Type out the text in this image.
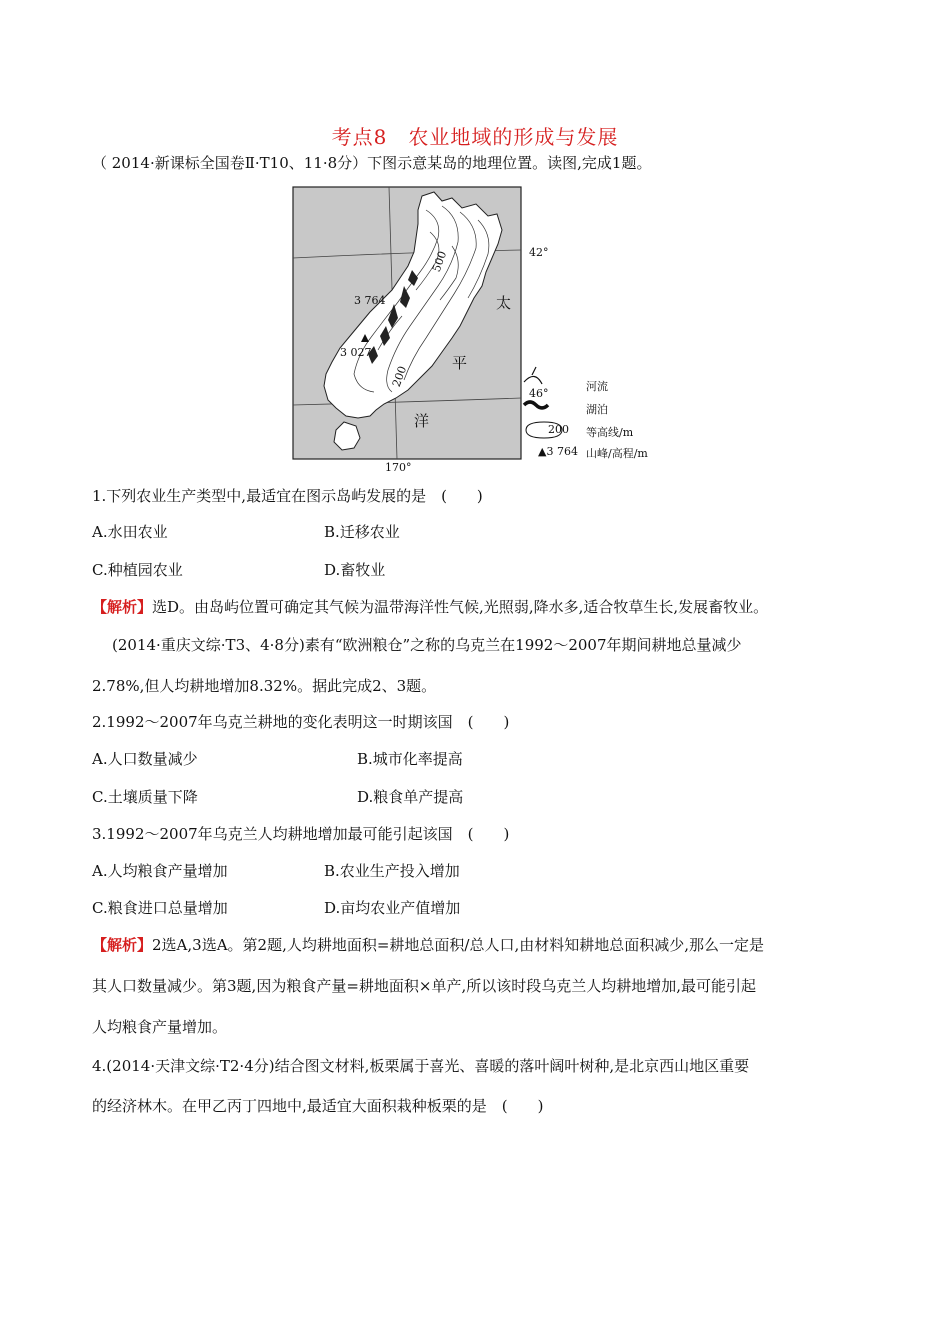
考点8　农业地域的形成与发展
（ 2014·新课标全国卷Ⅱ·T10、11·8分）下图示意某岛的地理位置。读图,完成1题。
42°
46°
170°
3 764
3 027
500
200
太
平
洋
河流
湖泊
200 等高线/m
▲3 764 山峰/高程/m
1.下列农业生产类型中,最适宜在图示岛屿发展的是　(　　)
A.水田农业	B.迁移农业
C.种植园农业	D.畜牧业
【解析】选D。由岛屿位置可确定其气候为温带海洋性气候,光照弱,降水多,适合牧草生长,发展畜牧业。
(2014·重庆文综·T3、4·8分)素有“欧洲粮仓”之称的乌克兰在1992～2007年期间耕地总量减少
2.78%,但人均耕地增加8.32%。据此完成2、3题。
2.1992～2007年乌克兰耕地的变化表明这一时期该国　(　　)
A.人口数量减少	B.城市化率提高
C.土壤质量下降	D.粮食单产提高
3.1992～2007年乌克兰人均耕地增加最可能引起该国　(　　)
A.人均粮食产量增加	B.农业生产投入增加
C.粮食进口总量增加	D.亩均农业产值增加
【解析】2选A,3选A。第2题,人均耕地面积=耕地总面积/总人口,由材料知耕地总面积减少,那么一定是
其人口数量减少。第3题,因为粮食产量=耕地面积×单产,所以该时段乌克兰人均耕地增加,最可能引起
人均粮食产量增加。
4.(2014·天津文综·T2·4分)结合图文材料,板栗属于喜光、喜暖的落叶阔叶树种,是北京西山地区重要
的经济林木。在甲乙丙丁四地中,最适宜大面积栽种板栗的是　(　　)
